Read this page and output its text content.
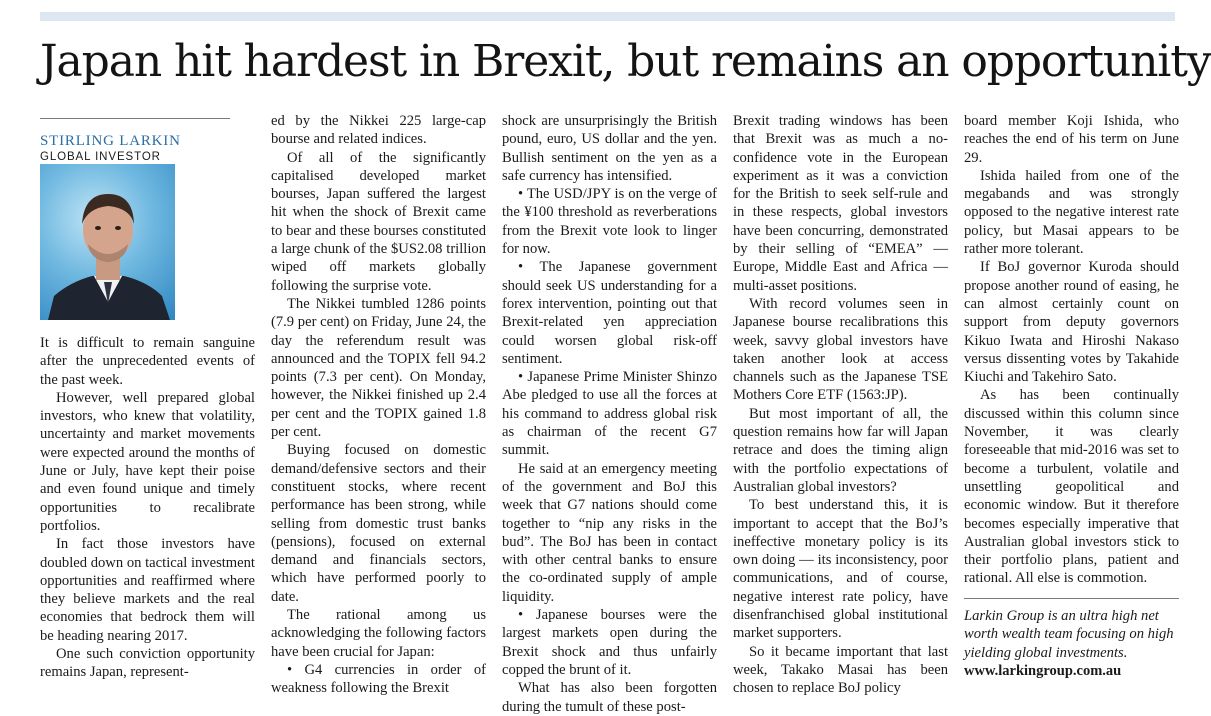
Japan hit hardest in Brexit, but remains an opportunity

STIRLING LARKIN

GLOBAL INVESTOR

It is difficult to remain sanguine after the unprecedented events of the past week.

However, well prepared global investors, who knew that volatility, uncertainty and market movements were expected around the months of June or July, have kept their poise and even found unique and timely opportunities to recalibrate portfolios.

In fact those investors have doubled down on tactical investment opportunities and reaffirmed where they believe markets and the real economies that bedrock them will be heading nearing 2017.

One such conviction opportunity remains Japan, represent-

ed by the Nikkei 225 large-cap bourse and related indices.

Of all of the significantly capitalised developed market bourses, Japan suffered the largest hit when the shock of Brexit came to bear and these bourses constituted a large chunk of the $US2.08 trillion wiped off markets globally following the surprise vote.

The Nikkei tumbled 1286 points (7.9 per cent) on Friday, June 24, the day the referendum result was announced and the TOPIX fell 94.2 points (7.3 per cent). On Monday, however, the Nikkei finished up 2.4 per cent and the TOPIX gained 1.8 per cent.

Buying focused on domestic demand/defensive sectors and their constituent stocks, where recent performance has been strong, while selling from domestic trust banks (pensions), focused on external demand and financials sectors, which have performed poorly to date.

The rational among us acknowledging the following factors have been crucial for Japan:

• G4 currencies in order of weakness following the Brexit

shock are unsurprisingly the British pound, euro, US dollar and the yen. Bullish sentiment on the yen as a safe currency has intensified.

• The USD/JPY is on the verge of the ¥100 threshold as reverberations from the Brexit vote look to linger for now.

• The Japanese government should seek US understanding for a forex intervention, pointing out that Brexit-related yen appreciation could worsen global risk-off sentiment.

• Japanese Prime Minister Shinzo Abe pledged to use all the forces at his command to address global risk as chairman of the recent G7 summit.

He said at an emergency meeting of the government and BoJ this week that G7 nations should come together to “nip any risks in the bud”. The BoJ has been in contact with other central banks to ensure the co-ordinated supply of ample liquidity.

• Japanese bourses were the largest markets open during the Brexit shock and thus unfairly copped the brunt of it.

What has also been forgotten during the tumult of these post-

Brexit trading windows has been that Brexit was as much a no-confidence vote in the European experiment as it was a conviction for the British to seek self-rule and in these respects, global investors have been concurring, demonstrated by their selling of “EMEA” — Europe, Middle East and Africa — multi-asset positions.

With record volumes seen in Japanese bourse recalibrations this week, savvy global investors have taken another look at access channels such as the Japanese TSE Mothers Core ETF (1563:JP).

But most important of all, the question remains how far will Japan retrace and does the timing align with the portfolio expectations of Australian global investors?

To best understand this, it is important to accept that the BoJ’s ineffective monetary policy is its own doing — its inconsistency, poor communications, and of course, negative interest rate policy, have disenfranchised global institutional market supporters.

So it became important that last week, Takako Masai has been chosen to replace BoJ policy

board member Koji Ishida, who reaches the end of his term on June 29.

Ishida hailed from one of the megabands and was strongly opposed to the negative interest rate policy, but Masai appears to be rather more tolerant.

If BoJ governor Kuroda should propose another round of easing, he can almost certainly count on support from deputy governors Kikuo Iwata and Hiroshi Nakaso versus dissenting votes by Takahide Kiuchi and Takehiro Sato.

As has been continually discussed within this column since November, it was clearly foreseeable that mid-2016 was set to become a turbulent, volatile and unsettling geopolitical and economic window. But it therefore becomes especially imperative that Australian global investors stick to their portfolio plans, patient and rational. All else is commotion.

Larkin Group is an ultra high net worth wealth team focusing on high yielding global investments.

www.larkingroup.com.au
